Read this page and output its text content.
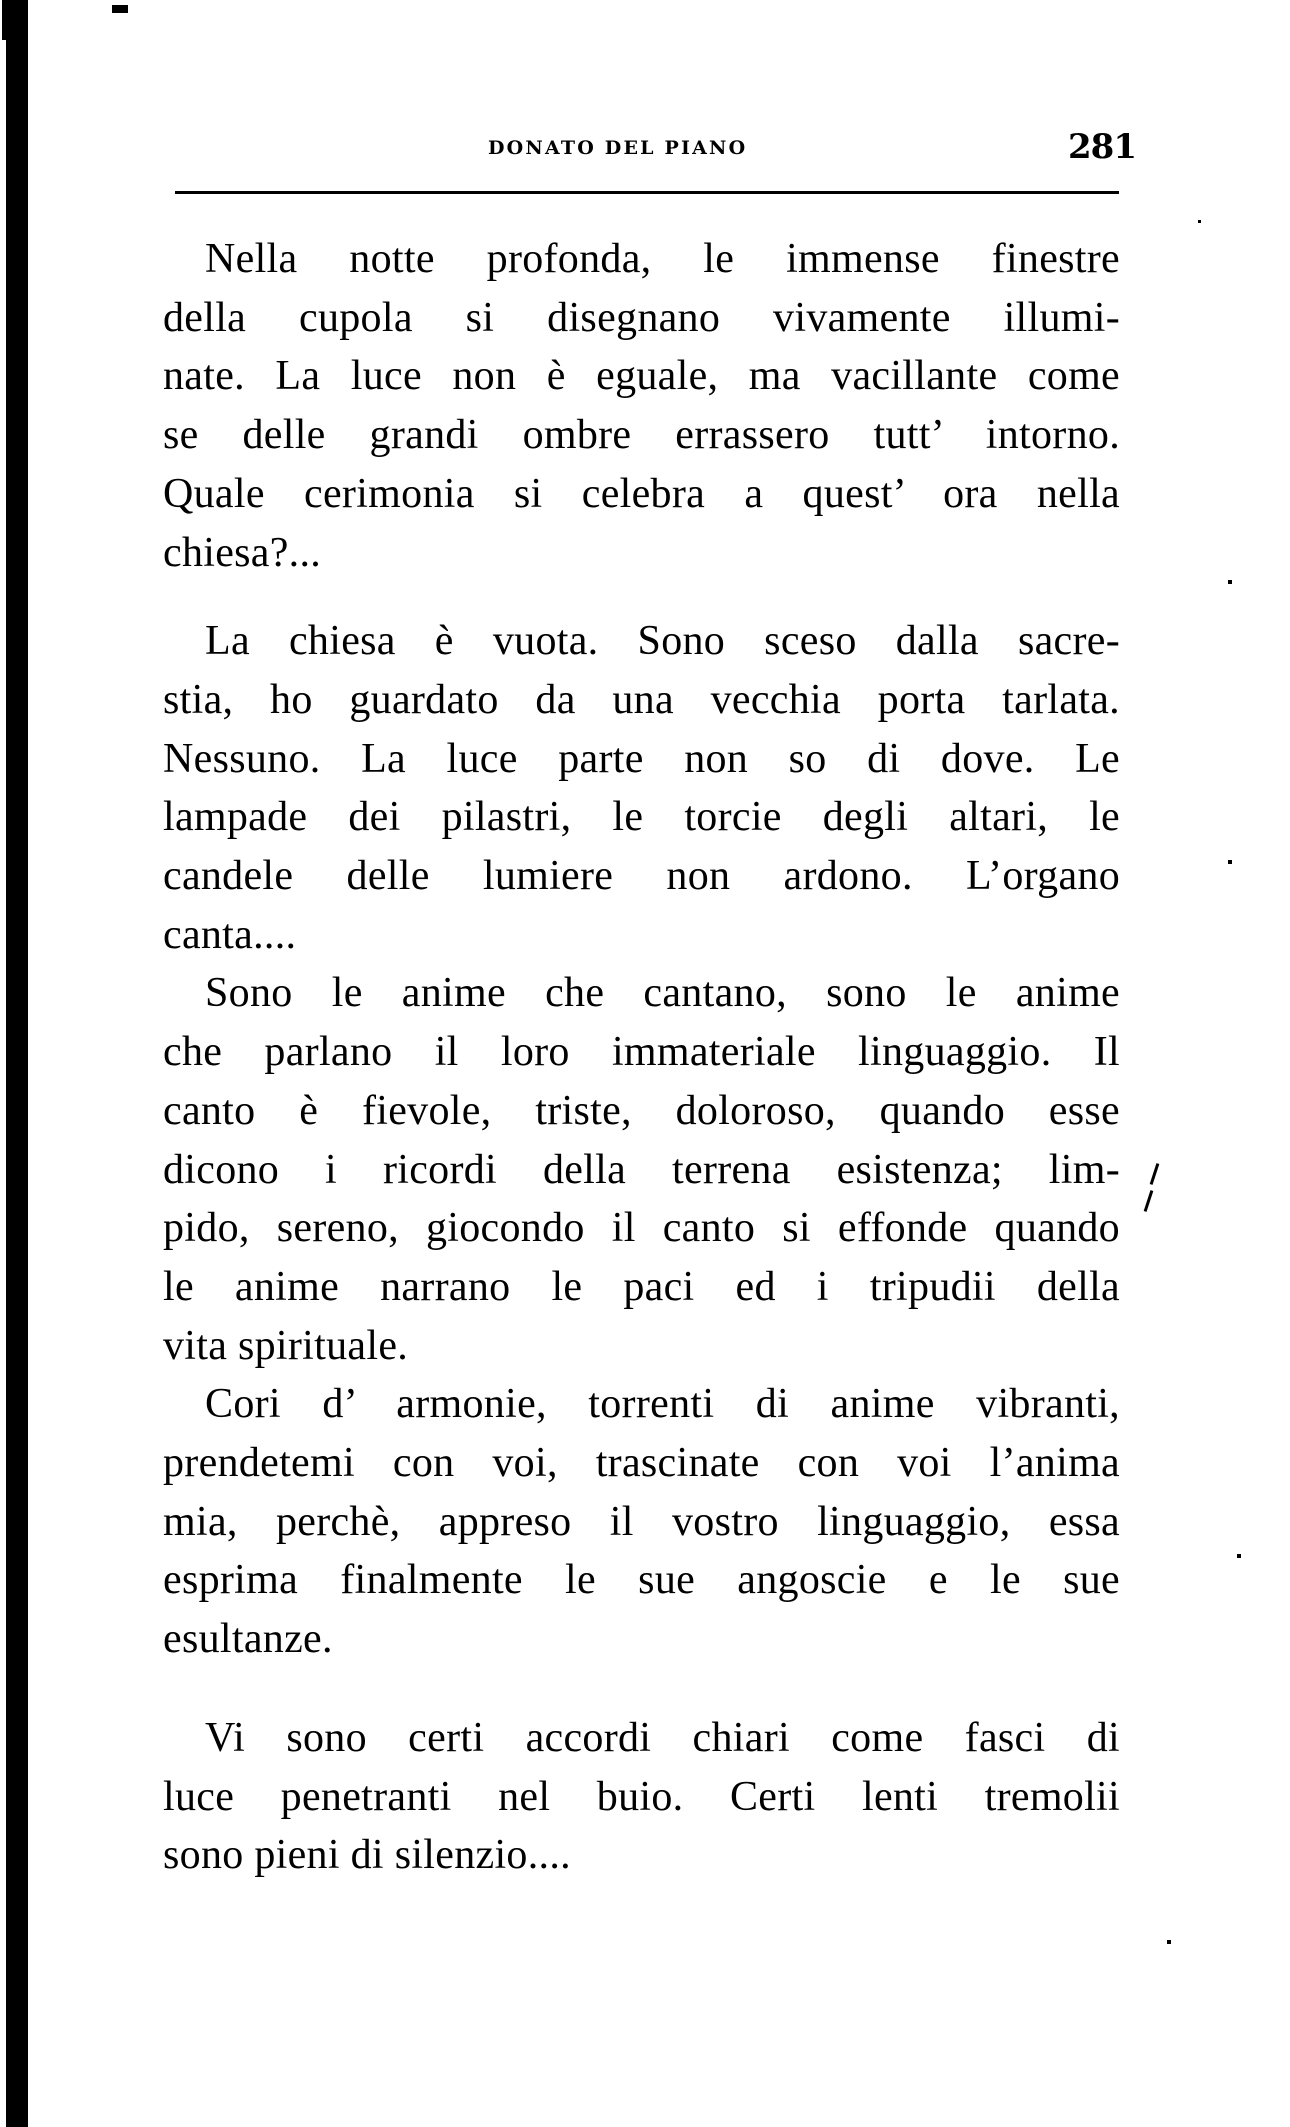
DONATO DEL PIANO	281
Nella notte profonda, le immense finestre
della cupola si disegnano vivamente illumi-
nate. La luce non è eguale, ma vacillante come
se delle grandi ombre errassero tutt’ intorno.
Quale cerimonia si celebra a quest’ ora nella
chiesa?...
La chiesa è vuota. Sono sceso dalla sacre-
stia, ho guardato da una vecchia porta tarlata.
Nessuno. La luce parte non so di dove. Le
lampade dei pilastri, le torcie degli altari, le
candele delle lumiere non ardono. L’organo
canta....
Sono le anime che cantano, sono le anime
che parlano il loro immateriale linguaggio. Il
canto è fievole, triste, doloroso, quando esse
dicono i ricordi della terrena esistenza; lim-
pido, sereno, giocondo il canto si effonde quando
le anime narrano le paci ed i tripudii della
vita spirituale.
Cori d’ armonie, torrenti di anime vibranti,
prendetemi con voi, trascinate con voi l’anima
mia, perchè, appreso il vostro linguaggio, essa
esprima finalmente le sue angoscie e le sue
esultanze.
Vi sono certi accordi chiari come fasci di
luce penetranti nel buio. Certi lenti tremolii
sono pieni di silenzio....
